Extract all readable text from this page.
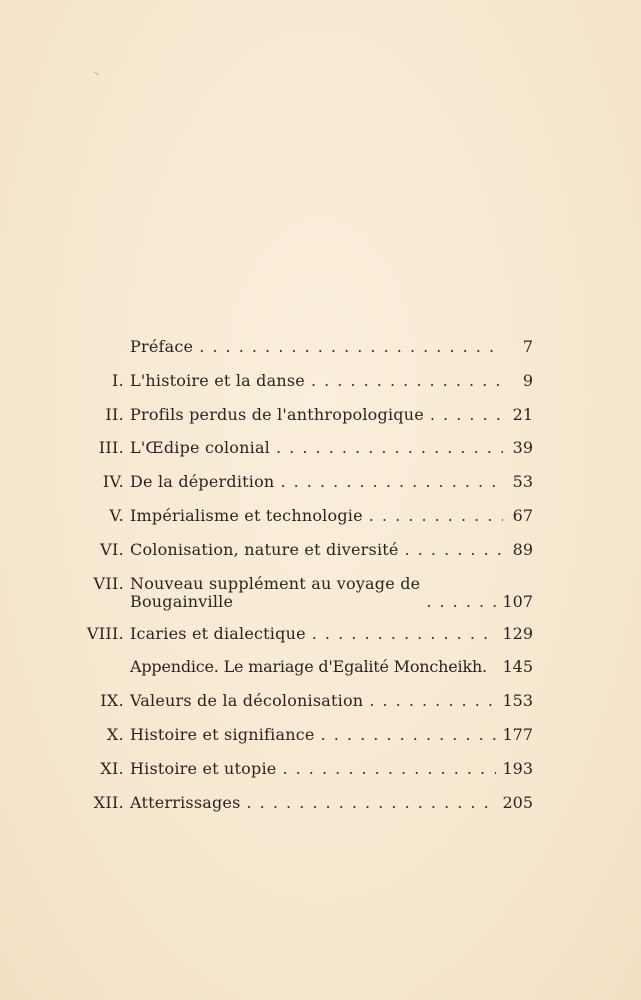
Préface . . .	7
I. L'histoire et la danse . . .	9
II. Profils perdus de l'anthropologique . . .	21
III. L'Œdipe colonial . . .	39
IV. De la déperdition . . .	53
V. Impérialisme et technologie . . .	67
VI. Colonisation, nature et diversité . . .	89
VII. Nouveau supplément au voyage de
Bougainville . . .	107
VIII. Icaries et dialectique . . .	129
Appendice. Le mariage d'Egalité Moncheikh. 145
IX. Valeurs de la décolonisation . . .	153
X. Histoire et signifiance . . .	177
XI. Histoire et utopie . . .	193
XII. Atterrissages . . .	205
